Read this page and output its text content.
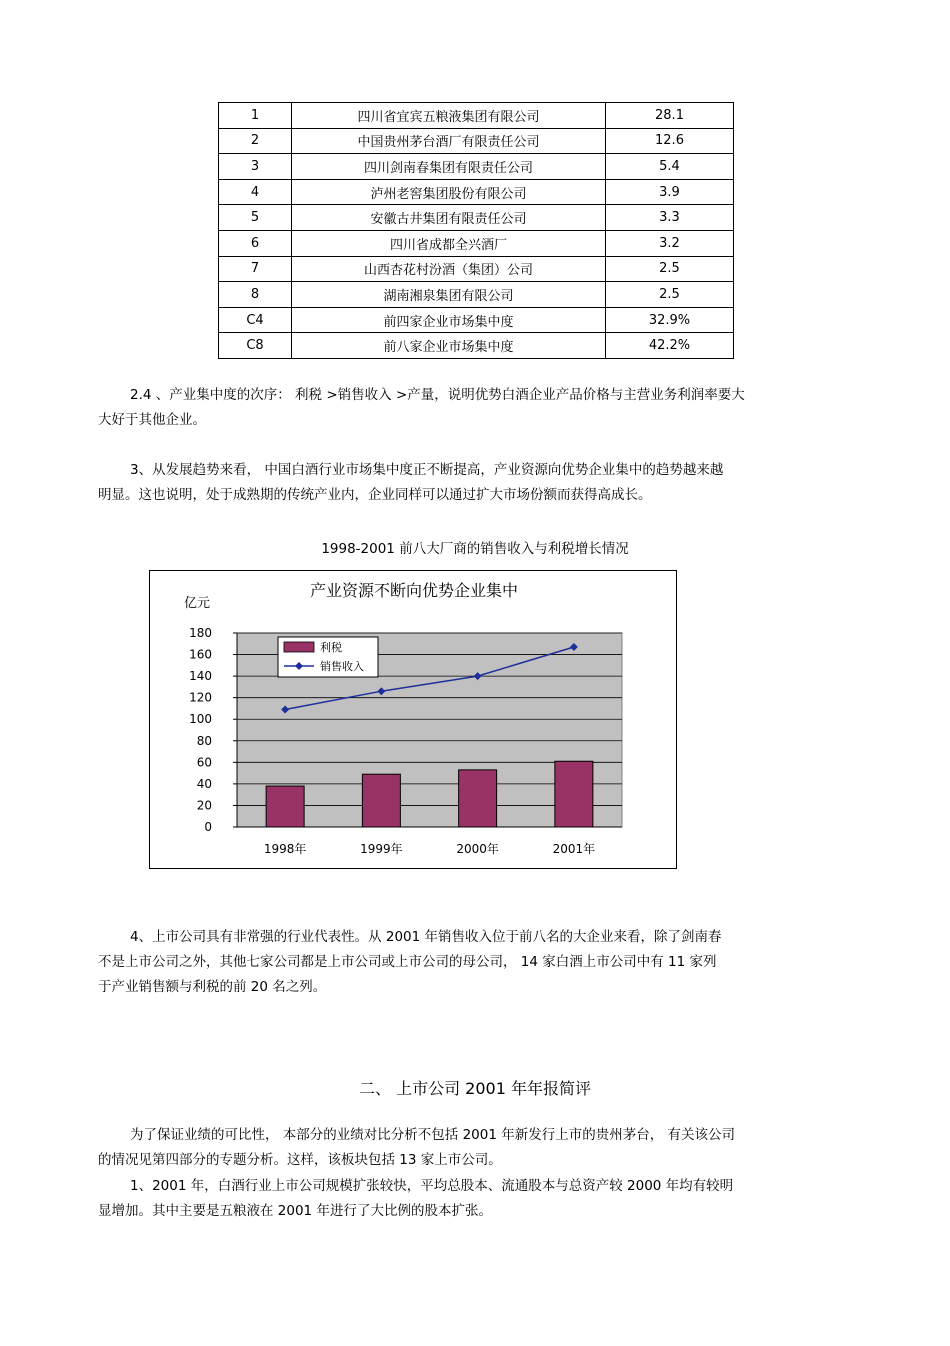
1	四川省宜宾五粮液集团有限公司	28.1
2	中国贵州茅台酒厂有限责任公司	12.6
3	四川剑南春集团有限责任公司	5.4
4	泸州老窖集团股份有限公司	3.9
5	安徽古井集团有限责任公司	3.3
6	四川省成都全兴酒厂	3.2
7	山西杏花村汾酒（集团）公司	2.5
8	湖南湘泉集团有限公司	2.5
C4	前四家企业市场集中度	32.9%
C8	前八家企业市场集中度	42.2%
2.4 、产业集中度的次序： 利税 >销售收入 >产量，说明优势白酒企业产品价格与主营业务利润率要大
大好于其他企业。
3、从发展趋势来看， 中国白酒行业市场集中度正不断提高，产业资源向优势企业集中的趋势越来越
明显。这也说明，处于成熟期的传统产业内，企业同样可以通过扩大市场份额而获得高成长。
1998-2001 前八大厂商的销售收入与利税增长情况
产业资源不断向优势企业集中
亿元
0
20
40
60
80
100
120
140
160
180
1998年	1999年	2000年	2001年
利税
销售收入
4、上市公司具有非常强的行业代表性。从 2001 年销售收入位于前八名的大企业来看，除了剑南春
不是上市公司之外，其他七家公司都是上市公司或上市公司的母公司， 14 家白酒上市公司中有 11 家列
于产业销售额与利税的前 20 名之列。
二、 上市公司 2001 年年报简评
为了保证业绩的可比性， 本部分的业绩对比分析不包括 2001 年新发行上市的贵州茅台， 有关该公司
的情况见第四部分的专题分析。这样，该板块包括 13 家上市公司。
1、2001 年，白酒行业上市公司规模扩张较快，平均总股本、流通股本与总资产较 2000 年均有较明
显增加。其中主要是五粮液在 2001 年进行了大比例的股本扩张。
